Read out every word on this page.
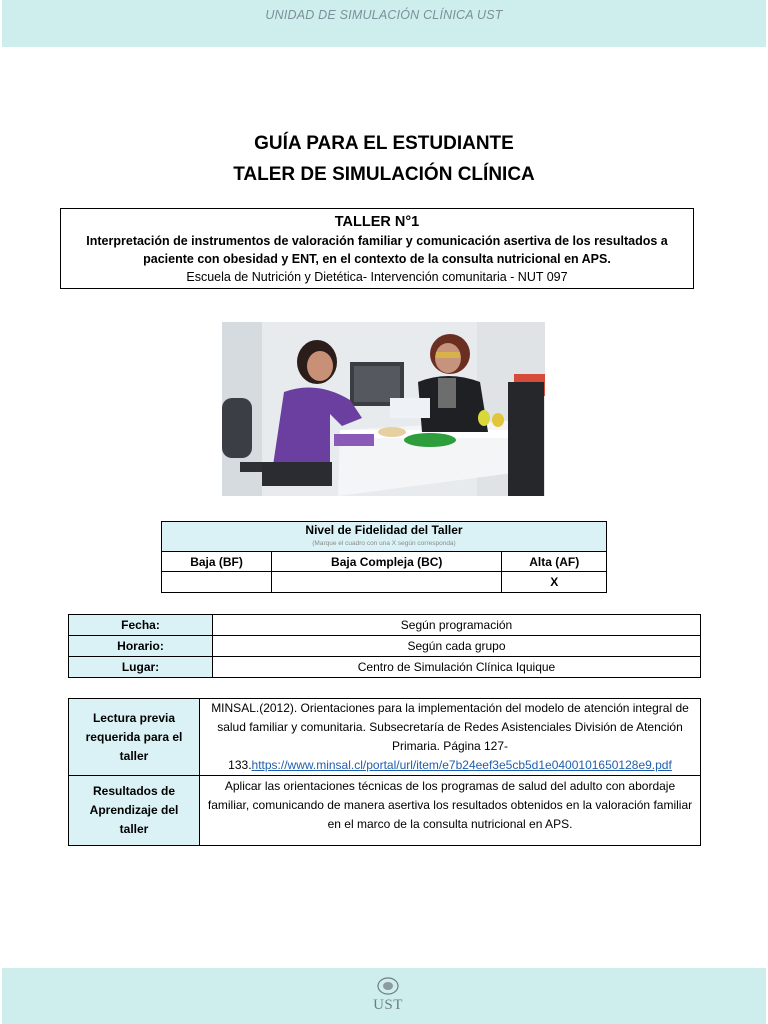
UNIDAD DE SIMULACIÓN CLÍNICA UST
GUÍA PARA EL ESTUDIANTE
TALER DE SIMULACIÓN CLÍNICA
TALLER N°1
Interpretación de instrumentos de valoración familiar y comunicación asertiva de los resultados a paciente con obesidad y ENT, en el contexto de la consulta nutricional en APS.
Escuela de Nutrición y Dietética- Intervención comunitaria - NUT 097
Nivel de Fidelidad del Taller
(Marque el cuadro con una X según corresponda)		

Baja (BF)	Baja Compleja (BC)	Alta (AF)
		X
Fecha:	Según programación
Horario:	Según cada grupo
Lugar:	Centro de Simulación Clínica Iquique
Lectura previa requerida para el taller	MINSAL.(2012). Orientaciones para la implementación del modelo de atención integral de salud familiar y comunitaria. Subsecretaría de Redes Asistenciales División de Atención Primaria. Página 127-133.https://www.minsal.cl/portal/url/item/e7b24eef3e5cb5d1e0400101650128e9.pdf
Resultados de Aprendizaje del taller	Aplicar las orientaciones técnicas de los programas de salud del adulto con abordaje familiar, comunicando de manera asertiva los resultados obtenidos en la valoración familiar en el marco de la consulta nutricional en APS.
UST
